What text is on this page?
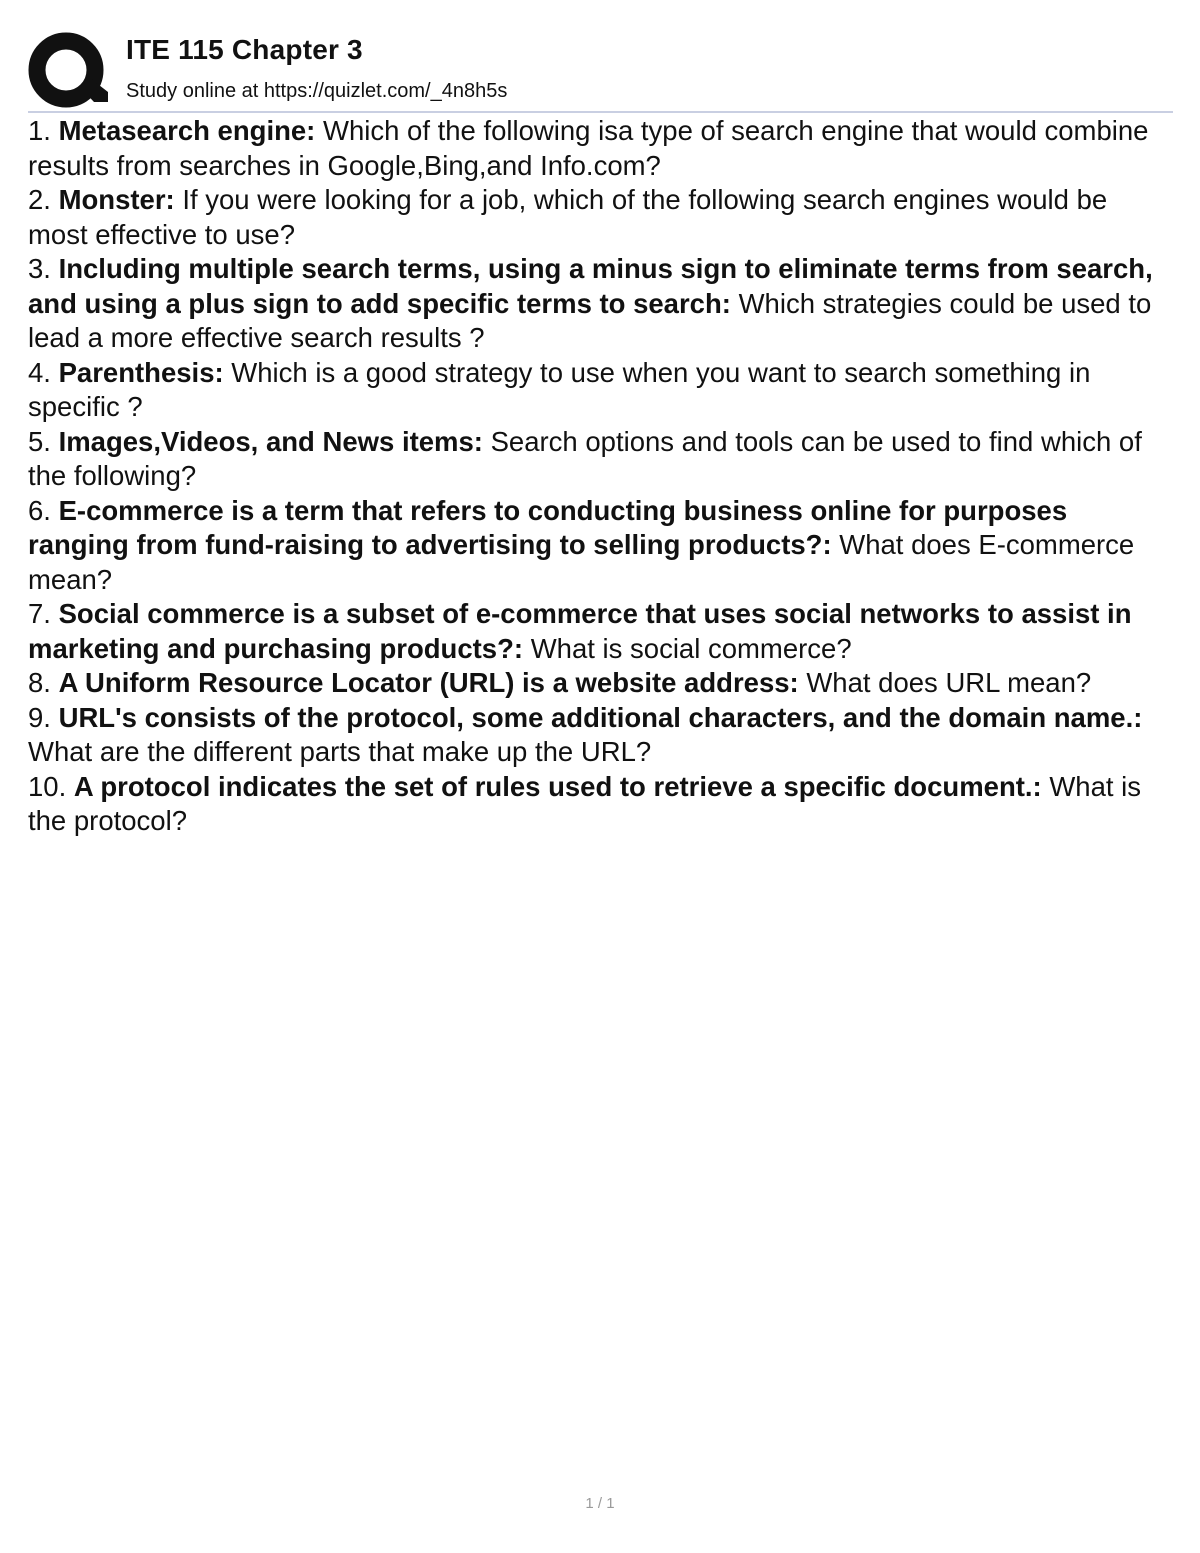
ITE 115 Chapter 3
Study online at https://quizlet.com/_4n8h5s
1. Metasearch engine: Which of the following isa type of search engine that would combine results from searches in Google,Bing,and Info.com?
2. Monster: If you were looking for a job, which of the following search engines would be most effective to use?
3. Including multiple search terms, using a minus sign to eliminate terms from search, and using a plus sign to add specific terms to search: Which strategies could be used to lead a more effective search results ?
4. Parenthesis: Which is a good strategy to use when you want to search something in specific ?
5. Images,Videos, and News items: Search options and tools can be used to find which of the following?
6. E-commerce is a term that refers to conducting business online for purposes ranging from fund-raising to advertising to selling products?: What does E-commerce mean?
7. Social commerce is a subset of e-commerce that uses social networks to assist in marketing and purchasing products?: What is social commerce?
8. A Uniform Resource Locator (URL) is a website address: What does URL mean?
9. URL's consists of the protocol, some additional characters, and the domain name.: What are the different parts that make up the URL?
10. A protocol indicates the set of rules used to retrieve a specific document.: What is the protocol?
1 / 1
